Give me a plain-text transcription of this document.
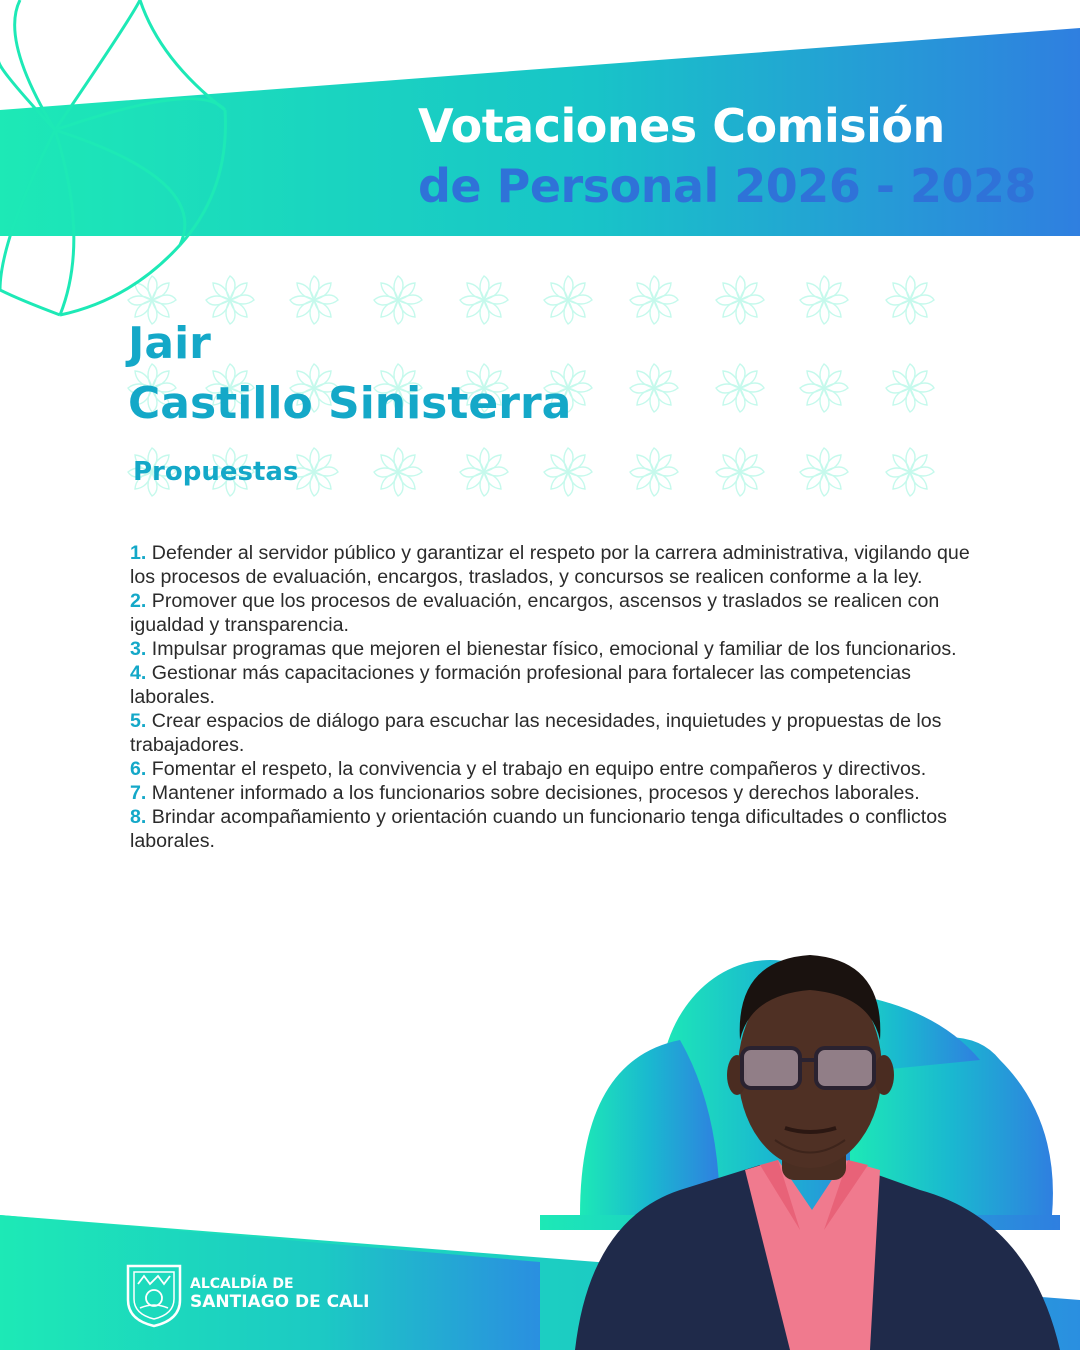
Votaciones Comisión
de Personal 2026 - 2028
Jair
Castillo Sinisterra
Propuestas
1. Defender al servidor público y garantizar el respeto por la carrera administrativa, vigilando que los procesos de evaluación, encargos, traslados, y concursos se realicen conforme a la ley.
2. Promover que los procesos de evaluación, encargos, ascensos y traslados se realicen con igualdad y transparencia.
3. Impulsar programas que mejoren el bienestar físico, emocional y familiar de los funcionarios.
4. Gestionar más capacitaciones y formación profesional para fortalecer las competencias laborales.
5. Crear espacios de diálogo para escuchar las necesidades, inquietudes y propuestas de los trabajadores.
6. Fomentar el respeto, la convivencia y el trabajo en equipo entre compañeros y directivos.
7. Mantener informado a los funcionarios sobre decisiones, procesos y derechos laborales.
8. Brindar acompañamiento y orientación cuando un funcionario tenga dificultades o conflictos laborales.
ALCALDÍA DE
SANTIAGO DE CALI
